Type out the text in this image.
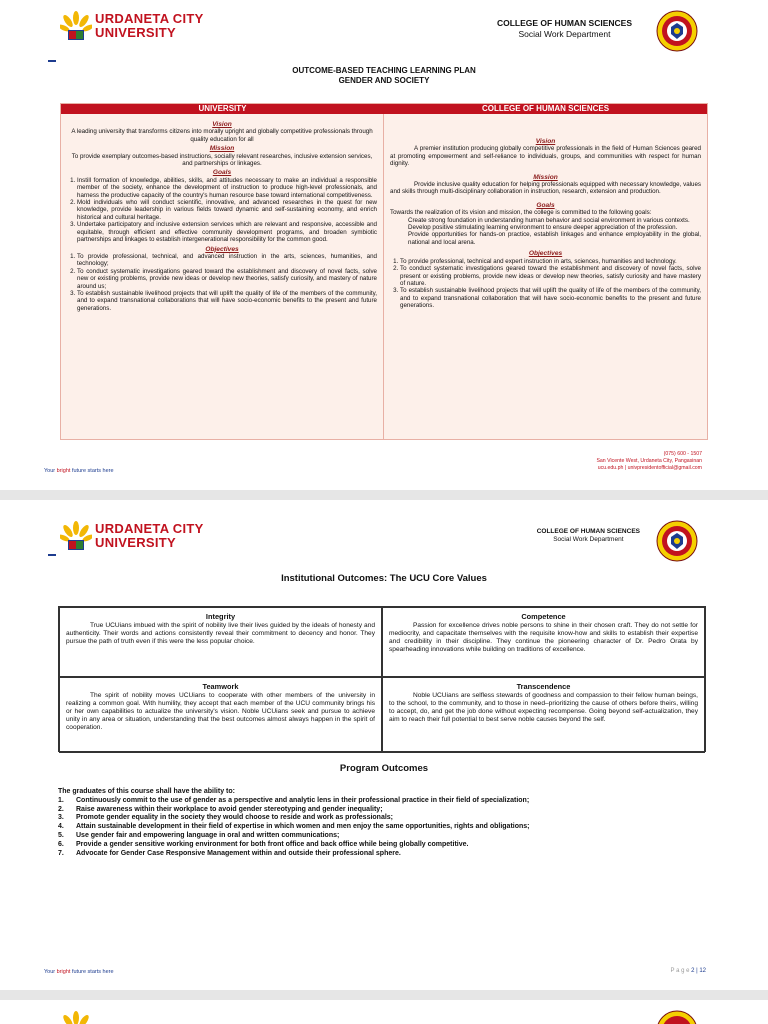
URDANETA CITY
UNIVERSITY
COLLEGE OF HUMAN SCIENCES
Social Work Department
OUTCOME-BASED TEACHING LEARNING PLAN
GENDER AND SOCIETY
UNIVERSITY	COLLEGE OF HUMAN SCIENCES
Vision
A leading university that transforms citizens into morally upright and globally competitive professionals through quality education for all
Mission
To provide exemplary outcomes-based instructions, socially relevant researches, inclusive extension services, and partnerships or linkages.
Goals
1. Instill formation of knowledge, abilities, skills, and attitudes necessary to make an individual a responsible member of the society, enhance the development of instruction to produce high-level professionals, and harness the productive capacity of the country's human resource base toward international competitiveness.
2. Mold individuals who will conduct scientific, innovative, and advanced researches in the quest for new knowledge, provide leadership in various fields toward dynamic and self-sustaining economy, and enrich historical and cultural heritage.
3. Undertake participatory and inclusive extension services which are relevant and responsive, accessible and equitable, through efficient and effective community development programs, and broaden symbiotic partnerships and linkages to establish intergenerational responsibility for the common good.
Objectives
1. To provide professional, technical, and advanced instruction in the arts, sciences, humanities, and technology;
2. To conduct systematic investigations geared toward the establishment and discovery of novel facts, solve new or existing problems, provide new ideas or develop new theories, satisfy curiosity, and mastery of nature around us;
3. To establish sustainable livelihood projects that will uplift the quality of life of the members of the community, and to expand transnational collaborations that will have socio-economic benefits to the present and future generations.
Vision
A premier institution producing globally competitive professionals in the field of Human Sciences geared at promoting empowerment and self-reliance to individuals, groups, and communities with respect for human dignity.
Mission
Provide inclusive quality education for helping professionals equipped with necessary knowledge, values and skills through multi-disciplinary collaboration in instruction, research, extension and production.
Goals
Towards the realization of its vision and mission, the college is committed to the following goals:
Create strong foundation in understanding human behavior and social environment in various contexts.
Develop positive stimulating learning environment to ensure deeper appreciation of the profession.
Provide opportunities for hands-on practice, establish linkages and enhance employability in the global, national and local arena.
Objectives
1. To provide professional, technical and expert instruction in arts, sciences, humanities and technology.
2. To conduct systematic investigations geared toward the establishment and discovery of novel facts, solve present or existing problems, provide new ideas or develop new theories, satisfy curiosity and have mastery of nature.
3. To establish sustainable livelihood projects that will uplift the quality of life of the members of the community, and to expand transnational collaboration that will have socio-economic benefits to the present and future generations.
Your bright future starts here
(075) 600 - 1507
San Vicente West, Urdaneta City, Pangasinan
ucu.edu.ph | univpresidentofficial@gmail.com
URDANETA CITY
UNIVERSITY
COLLEGE OF HUMAN SCIENCES
Social Work Department
Institutional Outcomes: The UCU Core Values
Integrity

True UCUians imbued with the spirit of nobility live their lives guided by the ideals of honesty and authenticity. Their words and actions consistently reveal their commitment to decency and honor. They pursue the path of truth even if this were the less popular choice.

Competence

Passion for excellence drives noble persons to shine in their chosen craft. They do not settle for mediocrity, and capacitate themselves with the requisite know-how and skills to establish their expertise and credibility in their discipline. They continue the pioneering character of Dr. Pedro Orata by spearheading innovations while building on traditions of excellence.

Teamwork

The spirit of nobility moves UCUians to cooperate with other members of the university in realizing a common goal. With humility, they accept that each member of the UCU community brings his or her own capabilities to actualize the university's vision. Noble UCUians seek and pursue to achieve unity in any area or situation, understanding that the best outcomes almost always happen in the spirit of cooperation.

Transcendence

Noble UCUians are selfless stewards of goodness and compassion to their fellow human beings, to the school, to the community, and to those in need–prioritizing the cause of others before theirs, willing to accept, do, and get the job done without expecting recompense. Going beyond self-actualization, they aim to reach their full potential to best serve noble causes beyond the self.

Program Outcomes
The graduates of this course shall have the ability to:
1. Continuously commit to the use of gender as a perspective and analytic lens in their professional practice in their field of specialization;
2. Raise awareness within their workplace to avoid gender stereotyping and gender inequality;
3. Promote gender equality in the society they would choose to reside and work as professionals;
4. Attain sustainable development in their field of expertise in which women and men enjoy the same opportunities, rights and obligations;
5. Use gender fair and empowering language in oral and written communications;
6. Provide a gender sensitive working environment for both front office and back office while being globally competitive.
7. Advocate for Gender Case Responsive Management within and outside their professional sphere.
Your bright future starts here	P a g e 2 | 12
